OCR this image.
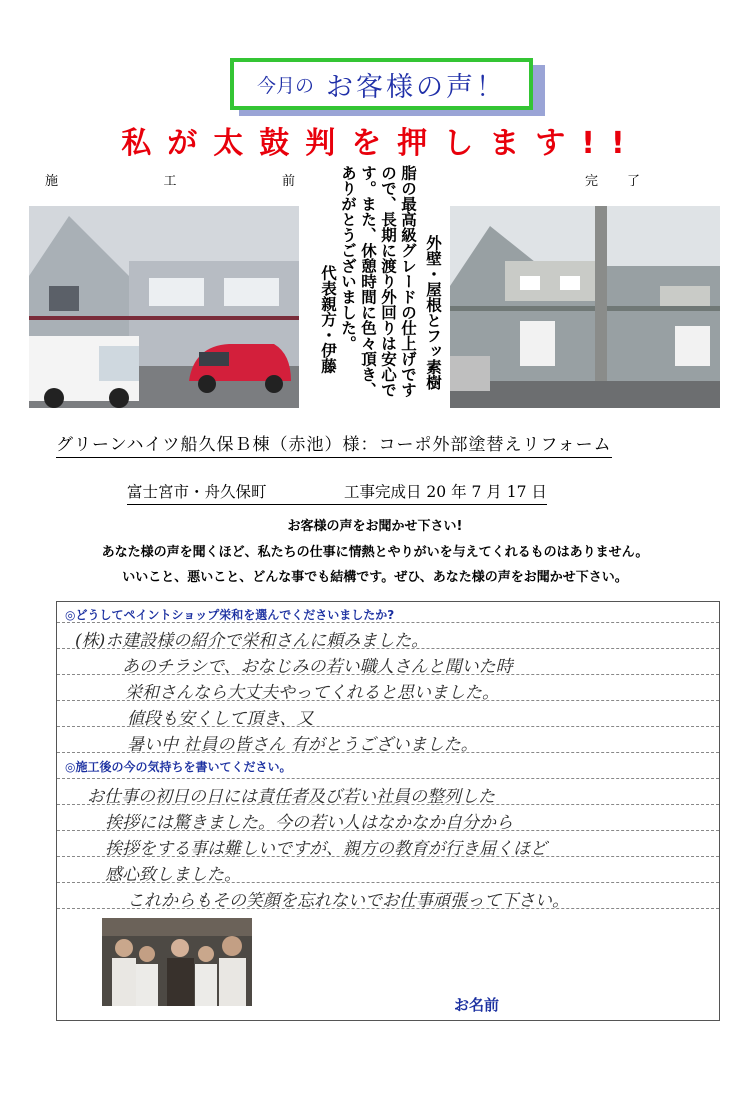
今月の お客様の声！
私が太鼓判を押します!!
施	工	前	完 了
外壁・屋根とフッ素樹
脂の最高級グレードの仕上げです
ので、長期に渡り外回りは安心で
す。また、休憩時間に色々頂き、
ありがとうございました。
代表親方・伊藤
グリーンハイツ船久保Ｂ棟（赤池）様：コーポ外部塗替えリフォーム
富士宮市・舟久保町　　　　　工事完成日 20 年 7 月 17 日
お客様の声をお聞かせ下さい!
あなた様の声を聞くほど、私たちの仕事に情熱とやりがいを与えてくれるものはありません。
いいこと、悪いこと、どんな事でも結構です。ぜひ、あなた様の声をお聞かせ下さい。
◎どうしてペイントショップ栄和を選んでくださいましたか?
(株)ホ建設様の紹介で栄和さんに頼みました。
あのチラシで、おなじみの若い職人さんと聞いた時
栄和さんなら大丈夫やってくれると思いました。
値段も安くして頂き、又
暑い中 社員の皆さん 有がとうございました。
◎施工後の今の気持ちを書いてください。
お仕事の初日の日には責任者及び若い社員の整列した
挨拶には驚きました。今の若い人はなかなか自分から
挨拶をする事は難しいですが、親方の教育が行き届くほど
感心致しました。
これからもその笑顔を忘れないでお仕事頑張って下さい。
お名前
